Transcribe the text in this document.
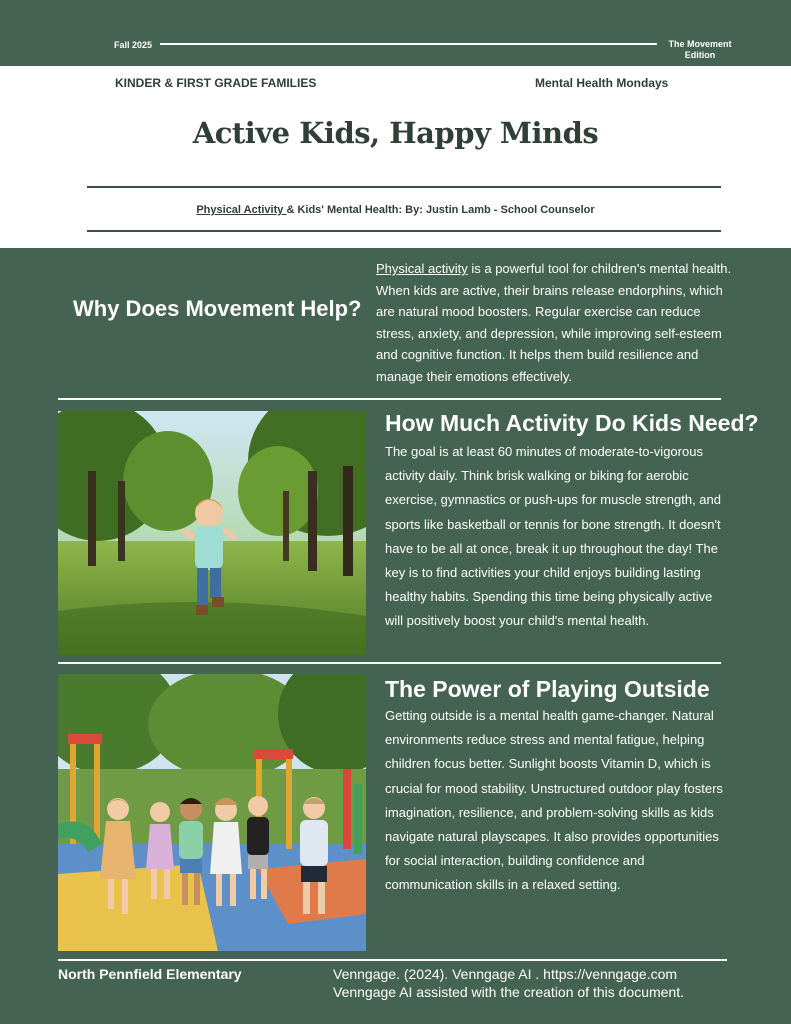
Fall 2025	The Movement
Edition
KINDER & FIRST GRADE FAMILIES	Mental Health Mondays
Active Kids, Happy Minds
Physical Activity & Kids' Mental Health: By: Justin Lamb - School Counselor
Why Does Movement Help?
Physical activity is a powerful tool for children's mental health. When kids are active, their brains release endorphins, which are natural mood boosters. Regular exercise can reduce stress, anxiety, and depression, while improving self-esteem and cognitive function. It helps them build resilience and manage their emotions effectively.
How Much Activity Do Kids Need?
The goal is at least 60 minutes of moderate-to-vigorous activity daily. Think brisk walking or biking for aerobic exercise, gymnastics or push-ups for muscle strength, and sports like basketball or tennis for bone strength. It doesn't have to be all at once, break it up throughout the day! The key is to find activities your child enjoys building lasting healthy habits. Spending this time being physically active will positively boost your child's mental health.
The Power of Playing Outside
Getting outside is a mental health game-changer. Natural environments reduce stress and mental fatigue, helping children focus better. Sunlight boosts Vitamin D, which is crucial for mood stability. Unstructured outdoor play fosters imagination, resilience, and problem-solving skills as kids navigate natural playscapes. It also provides opportunities for social interaction, building confidence and communication skills in a relaxed setting.
North Pennfield Elementary	Venngage. (2024). Venngage AI . https://venngage.com
Venngage AI assisted with the creation of this document.
